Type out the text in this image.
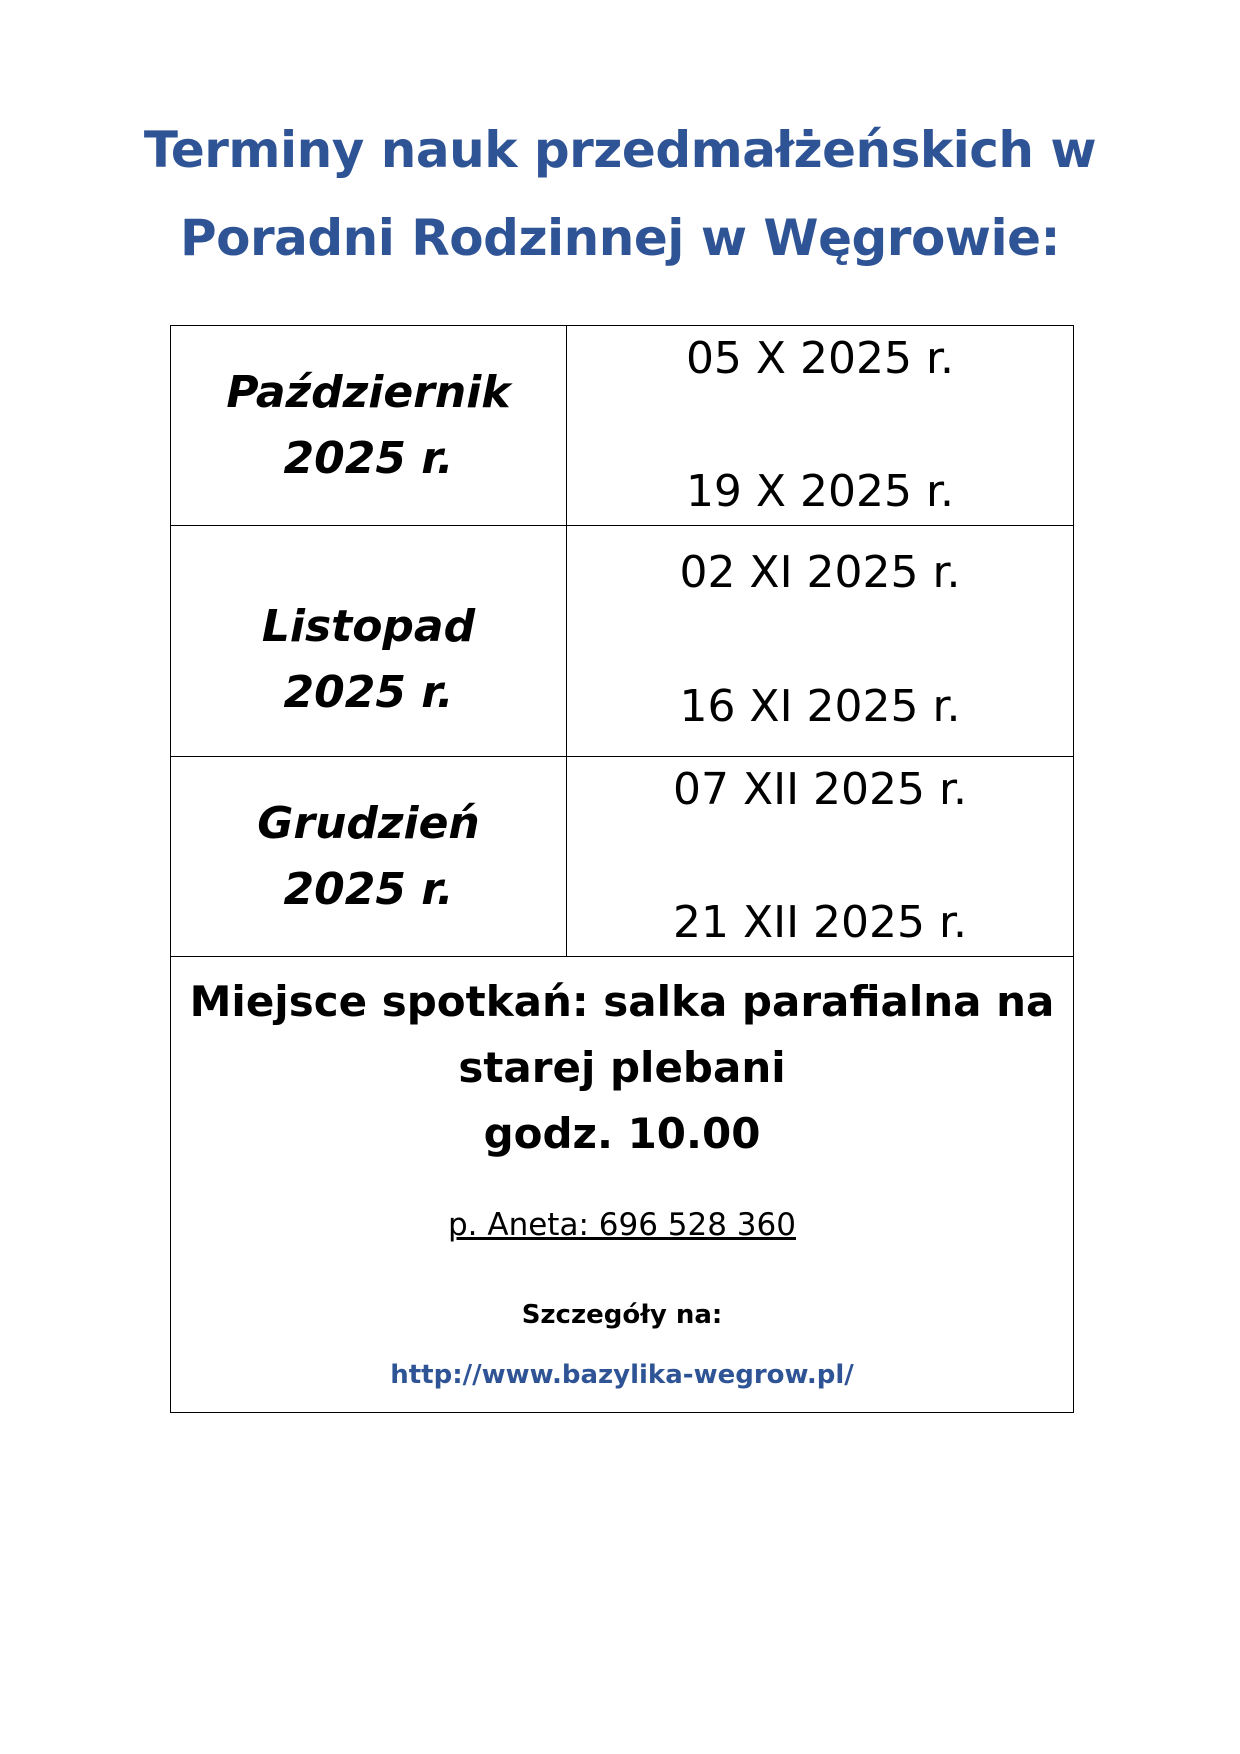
Terminy nauk przedmałżeńskich w
Poradni Rodzinnej w Węgrowie:
Październik
2025 r.
05 X 2025 r.
19 X 2025 r.
Listopad
2025 r.
02 XI 2025 r.
16 XI 2025 r.
Grudzień
2025 r.
07 XII 2025 r.
21 XII 2025 r.
Miejsce spotkań: salka parafialna na
starej plebani
godz. 10.00
p. Aneta: 696 528 360
Szczegóły na:
http://www.bazylika-wegrow.pl/
